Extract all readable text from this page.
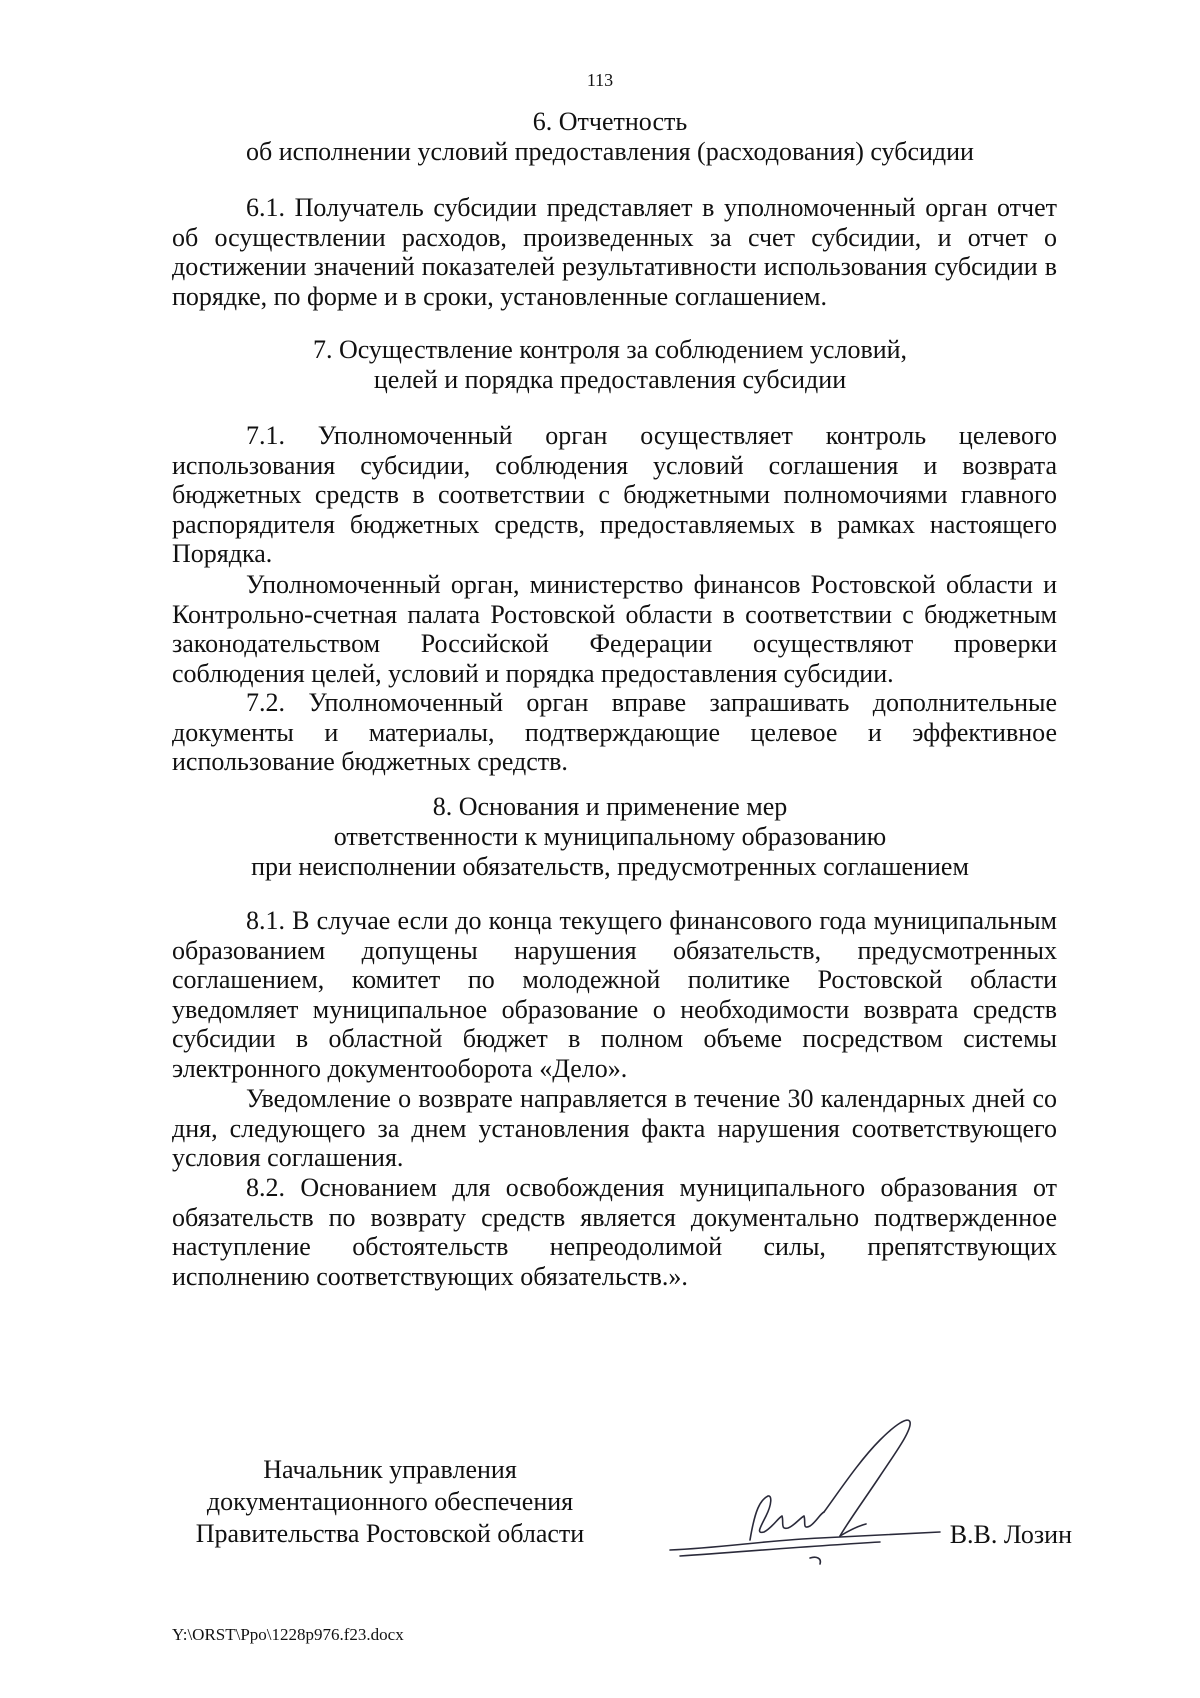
113
6. Отчетность
об исполнении условий предоставления (расходования) субсидии
6.1. Получатель субсидии представляет в уполномоченный орган отчет об осуществлении расходов, произведенных за счет субсидии, и отчет о достижении значений показателей результативности использования субсидии в порядке, по форме и в сроки, установленные соглашением.
7. Осуществление контроля за соблюдением условий,
целей и порядка предоставления субсидии
7.1. Уполномоченный орган осуществляет контроль целевого использования субсидии, соблюдения условий соглашения и возврата бюджетных средств в соответствии с бюджетными полномочиями главного распорядителя бюджетных средств, предоставляемых в рамках настоящего Порядка.
Уполномоченный орган, министерство финансов Ростовской области и Контрольно-счетная палата Ростовской области в соответствии с бюджетным законодательством Российской Федерации осуществляют проверки соблюдения целей, условий и порядка предоставления субсидии.
7.2. Уполномоченный орган вправе запрашивать дополнительные документы и материалы, подтверждающие целевое и эффективное использование бюджетных средств.
8. Основания и применение мер
ответственности к муниципальному образованию
при неисполнении обязательств, предусмотренных соглашением
8.1. В случае если до конца текущего финансового года муниципальным образованием допущены нарушения обязательств, предусмотренных соглашением, комитет по молодежной политике Ростовской области уведомляет муниципальное образование о необходимости возврата средств субсидии в областной бюджет в полном объеме посредством системы электронного документооборота «Дело».
Уведомление о возврате направляется в течение 30 календарных дней со дня, следующего за днем установления факта нарушения соответствующего условия соглашения.
8.2. Основанием для освобождения муниципального образования от обязательств по возврату средств является документально подтвержденное наступление обстоятельств непреодолимой силы, препятствующих исполнению соответствующих обязательств.».
Начальник управления
документационного обеспечения
Правительства Ростовской области	В.В. Лозин
Y:\ORST\Ppo\1228p976.f23.docx
